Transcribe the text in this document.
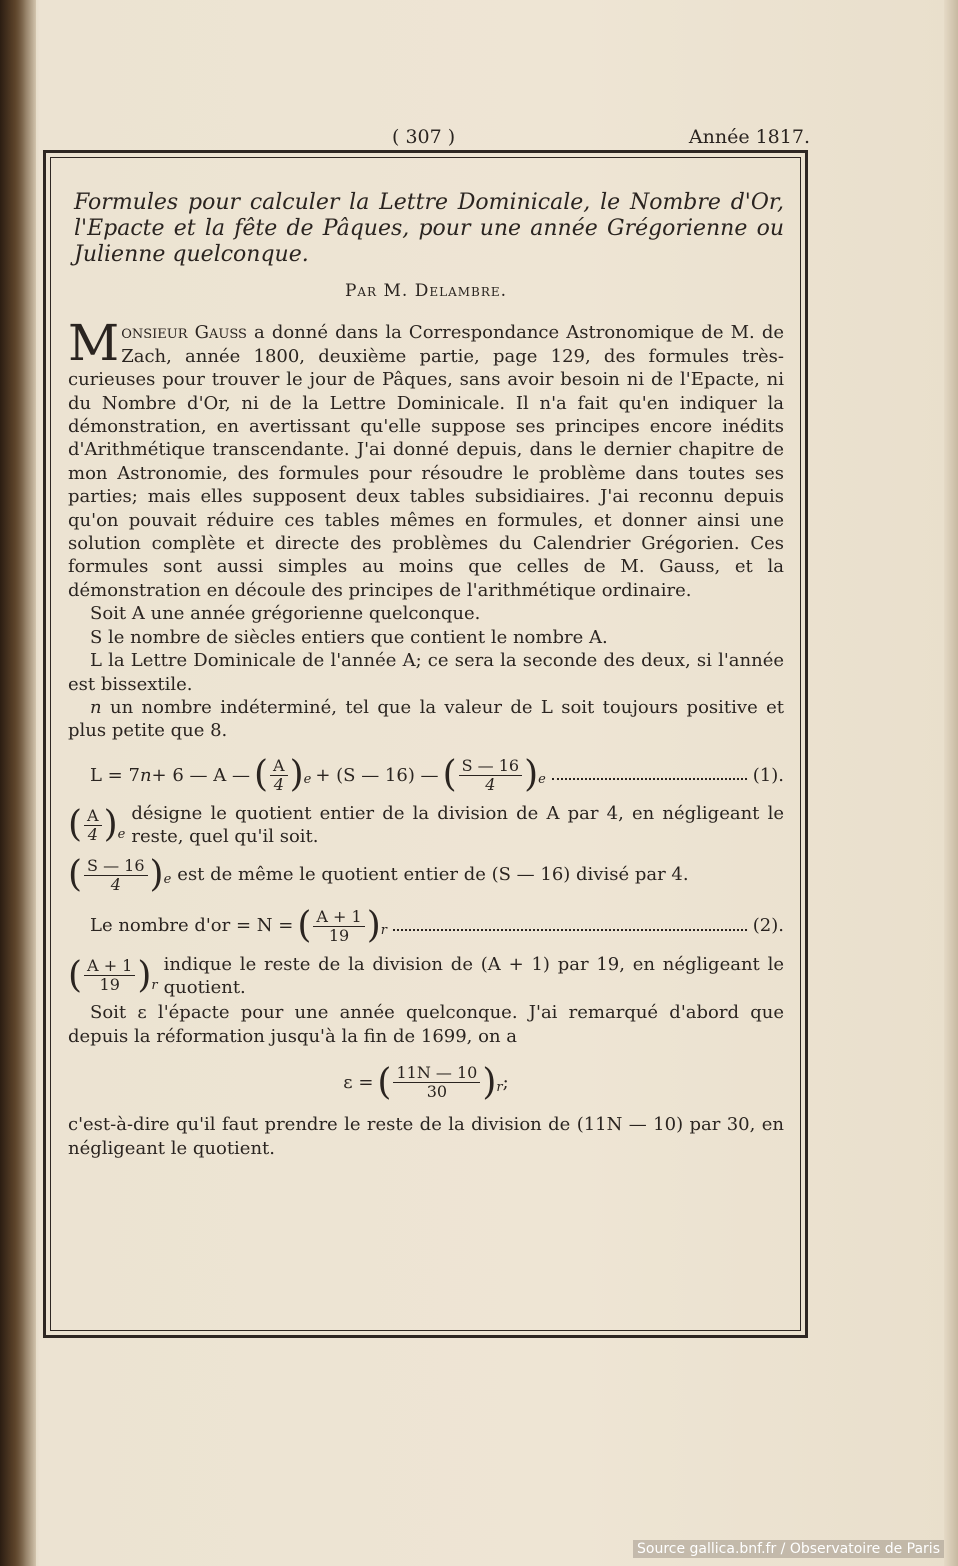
( 307 )	Année 1817.
Formules pour calculer la Lettre Dominicale, le Nombre d'Or, l'Epacte et la fête de Pâques, pour une année Grégorienne ou Julienne quelconque.
Par M. Delambre.

Monsieur Gauss a donné dans la Correspondance Astronomique de M. de Zach, année 1800, deuxième partie, page 129, des formules très-curieuses pour trouver le jour de Pâques, sans avoir besoin ni de l'Epacte, ni du Nombre d'Or, ni de la Lettre Dominicale. Il n'a fait qu'en indiquer la démonstration, en avertissant qu'elle suppose ses principes encore inédits d'Arithmétique transcendante. J'ai donné depuis, dans le dernier chapitre de mon Astronomie, des formules pour résoudre le problème dans toutes ses parties; mais elles supposent deux tables subsidiaires. J'ai reconnu depuis qu'on pouvait réduire ces tables mêmes en formules, et donner ainsi une solution complète et directe des problèmes du Calendrier Grégorien. Ces formules sont aussi simples au moins que celles de M. Gauss, et la démonstration en découle des principes de l'arithmétique ordinaire.

Soit A une année grégorienne quelconque.

S le nombre de siècles entiers que contient le nombre A.

L la Lettre Dominicale de l'année A; ce sera la seconde des deux, si l'année est bissextile.

n un nombre indéterminé, tel que la valeur de L soit toujours positive et plus petite que 8.

L = 7 n + 6 — A — ( $\frac{A}{4}$ ) e + (S — 16) — ( $\frac{S — 16}{4}$ ) e	(1).
( $\frac{A}{4}$ ) e
désigne le quotient entier de la division de A par 4, en négligeant le reste, quel qu'il soit.
( $\frac{S — 16}{4}$ ) e est de même le quotient entier de (S — 16) divisé par 4.
Le nombre d'or = N = ( $\frac{A + 1}{19}$ ) r	(2).
( $\frac{A + 1}{19}$ ) r
indique le reste de la division de (A + 1) par 19, en négligeant le quotient.

Soit ε l'épacte pour une année quelconque. J'ai remarqué d'abord que depuis la réformation jusqu'à la fin de 1699, on a

ε = ( $\frac{11N — 10}{30}$ ) r ;

c'est-à-dire qu'il faut prendre le reste de la division de (11N — 10) par 30, en négligeant le quotient.

Source gallica.bnf.fr / Observatoire de Paris
